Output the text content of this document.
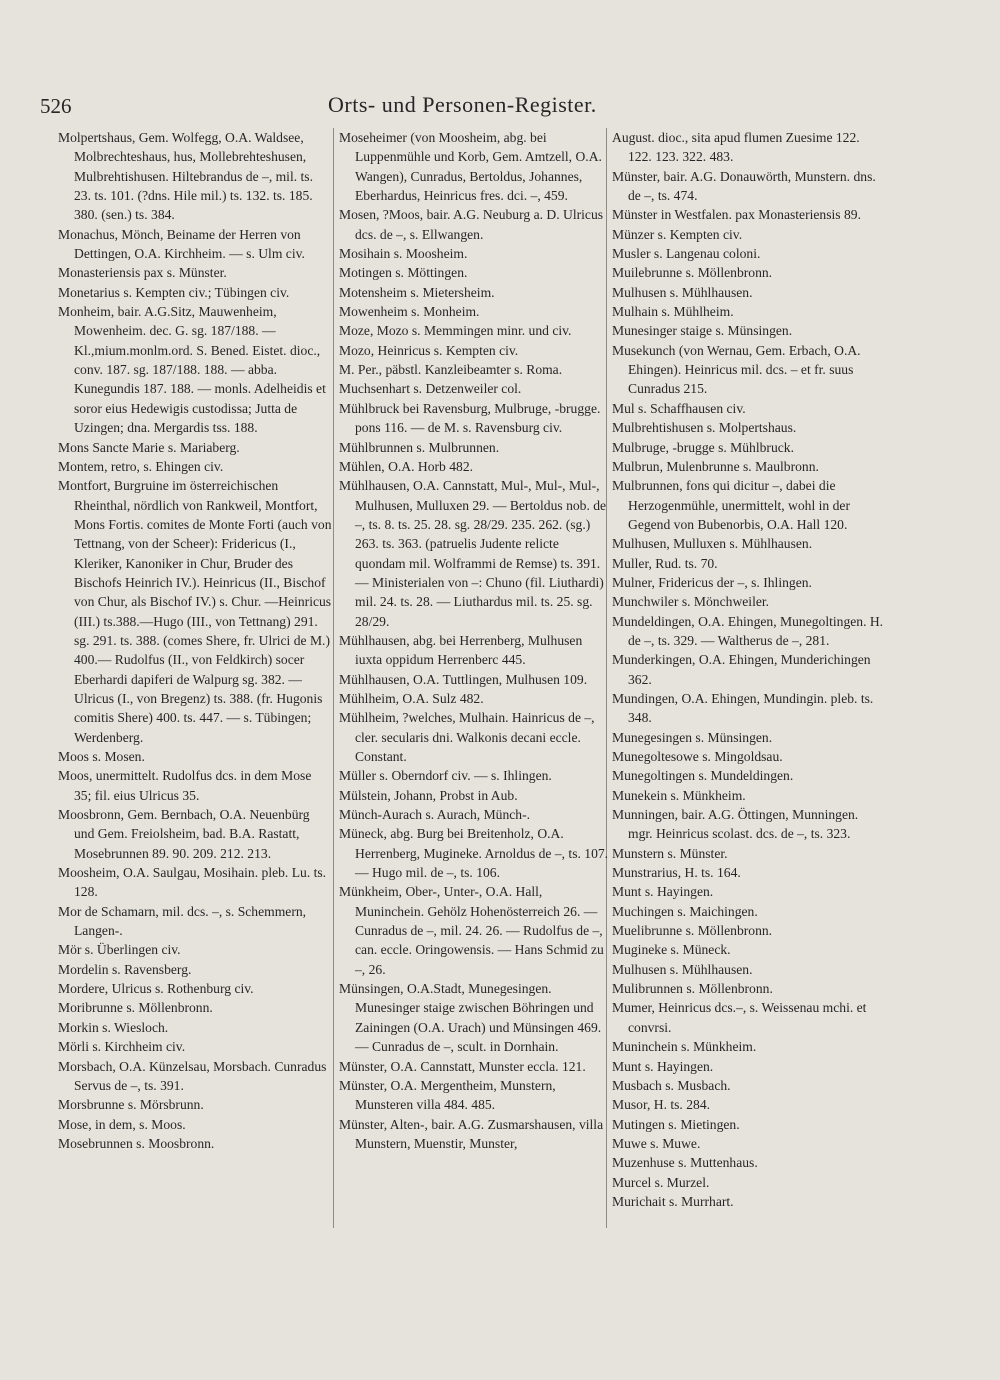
526	Orts- und Personen-Register.
Molpertshaus, Gem. Wolfegg, O.A. Waldsee, Molbrechteshaus, hus, Mollebrehteshusen, Mulbrehtishusen. Hiltebrandus de –, mil. ts. 23. ts. 101. (?dns. Hile mil.) ts. 132. ts. 185. 380. (sen.) ts. 384.
Monachus, Mönch, Beiname der Herren von Dettingen, O.A. Kirchheim. — s. Ulm civ.
Monasteriensis pax s. Münster.
Monetarius s. Kempten civ.; Tübingen civ.
Monheim, bair. A.G.Sitz, Mauwenheim, Mowenheim. dec. G. sg. 187/188. — Kl.,mium.monlm.ord. S. Bened. Eistet. dioc., conv. 187. sg. 187/188. 188. — abba. Kunegundis 187. 188. — monls. Adelheidis et soror eius Hedewigis custodissa; Jutta de Uzingen; dna. Mergardis tss. 188.
Mons Sancte Marie s. Mariaberg.
Montem, retro, s. Ehingen civ.
Montfort, Burgruine im österreichischen Rheinthal, nördlich von Rankweil, Montfort, Mons Fortis. comites de Monte Forti (auch von Tettnang, von der Scheer): Fridericus (I., Kleriker, Kanoniker in Chur, Bruder des Bischofs Heinrich IV.). Heinricus (II., Bischof von Chur, als Bischof IV.) s. Chur. —Heinricus (III.) ts.388.—Hugo (III., von Tettnang) 291. sg. 291. ts. 388. (comes Shere, fr. Ulrici de M.) 400.— Rudolfus (II., von Feldkirch) socer Eberhardi dapiferi de Walpurg sg. 382. — Ulricus (I., von Bregenz) ts. 388. (fr. Hugonis comitis Shere) 400. ts. 447. — s. Tübingen; Werdenberg.
Moos s. Mosen.
Moos, unermittelt. Rudolfus dcs. in dem Mose 35; fil. eius Ulricus 35.
Moosbronn, Gem. Bernbach, O.A. Neuenbürg und Gem. Freiolsheim, bad. B.A. Rastatt, Mosebrunnen 89. 90. 209. 212. 213.
Moosheim, O.A. Saulgau, Mosihain. pleb. Lu. ts. 128.
Mor de Schamarn, mil. dcs. –, s. Schemmern, Langen-.
Mör s. Überlingen civ.
Mordelin s. Ravensberg.
Mordere, Ulricus s. Rothenburg civ.
Moribrunne s. Möllenbronn.
Morkin s. Wiesloch.
Mörli s. Kirchheim civ.
Morsbach, O.A. Künzelsau, Morsbach. Cunradus Servus de –, ts. 391.
Morsbrunne s. Mörsbrunn.
Mose, in dem, s. Moos.
Mosebrunnen s. Moosbronn.
Moseheimer (von Moosheim, abg. bei Luppenmühle und Korb, Gem. Amtzell, O.A. Wangen), Cunradus, Bertoldus, Johannes, Eberhardus, Heinricus fres. dci. –, 459.
Mosen, ?Moos, bair. A.G. Neuburg a. D. Ulricus dcs. de –, s. Ellwangen.
Mosihain s. Moosheim.
Motingen s. Möttingen.
Motensheim s. Mietersheim.
Mowenheim s. Monheim.
Moze, Mozo s. Memmingen minr. und civ.
Mozo, Heinricus s. Kempten civ.
M. Per., päbstl. Kanzleibeamter s. Roma.
Muchsenhart s. Detzenweiler col.
Mühlbruck bei Ravensburg, Mulbruge, -brugge. pons 116. — de M. s. Ravensburg civ.
Mühlbrunnen s. Mulbrunnen.
Mühlen, O.A. Horb 482.
Mühlhausen, O.A. Cannstatt, Mul-, Mul-, Mul-, Mulhusen, Mulluxen 29. — Bertoldus nob. de –, ts. 8. ts. 25. 28. sg. 28/29. 235. 262. (sg.) 263. ts. 363. (patruelis Judente relicte quondam mil. Wolframmi de Remse) ts. 391. — Ministerialen von –: Chuno (fil. Liuthardi) mil. 24. ts. 28. — Liuthardus mil. ts. 25. sg. 28/29.
Mühlhausen, abg. bei Herrenberg, Mulhusen iuxta oppidum Herrenberc 445.
Mühlhausen, O.A. Tuttlingen, Mulhusen 109.
Mühlheim, O.A. Sulz 482.
Mühlheim, ?welches, Mulhain. Hainricus de –, cler. secularis dni. Walkonis decani eccle. Constant.
Müller s. Oberndorf civ. — s. Ihlingen.
Mülstein, Johann, Probst in Aub.
Münch-Aurach s. Aurach, Münch-.
Müneck, abg. Burg bei Breitenholz, O.A. Herrenberg, Mugineke. Arnoldus de –, ts. 107. — Hugo mil. de –, ts. 106.
Münkheim, Ober-, Unter-, O.A. Hall, Muninchein. Gehölz Hohenösterreich 26. — Cunradus de –, mil. 24. 26. — Rudolfus de –, can. eccle. Oringowensis. — Hans Schmid zu –, 26.
Münsingen, O.A.Stadt, Munegesingen. Munesinger staige zwischen Böhringen und Zainingen (O.A. Urach) und Münsingen 469. — Cunradus de –, scult. in Dornhain.
Münster, O.A. Cannstatt, Munster eccla. 121.
Münster, O.A. Mergentheim, Munstern, Munsteren villa 484. 485.
Münster, Alten-, bair. A.G. Zusmarshausen, villa Munstern, Muenstir, Munster,
August. dioc., sita apud flumen Zuesime 122. 122. 123. 322. 483.
Münster, bair. A.G. Donauwörth, Munstern. dns. de –, ts. 474.
Münster in Westfalen. pax Monasteriensis 89.
Münzer s. Kempten civ.
Musler s. Langenau coloni.
Muilebrunne s. Möllenbronn.
Mulhusen s. Mühlhausen.
Mulhain s. Mühlheim.
Munesinger staige s. Münsingen.
Musekunch (von Wernau, Gem. Erbach, O.A. Ehingen). Heinricus mil. dcs. – et fr. suus Cunradus 215.
Mul s. Schaffhausen civ.
Mulbrehtishusen s. Molpertshaus.
Mulbruge, -brugge s. Mühlbruck.
Mulbrun, Mulenbrunne s. Maulbronn.
Mulbrunnen, fons qui dicitur –, dabei die Herzogenmühle, unermittelt, wohl in der Gegend von Bubenorbis, O.A. Hall 120.
Mulhusen, Mulluxen s. Mühlhausen.
Muller, Rud. ts. 70.
Mulner, Fridericus der –, s. Ihlingen.
Munchwiler s. Mönchweiler.
Mundeldingen, O.A. Ehingen, Munegoltingen. H. de –, ts. 329. — Waltherus de –, 281.
Munderkingen, O.A. Ehingen, Munderichingen 362.
Mundingen, O.A. Ehingen, Mundingin. pleb. ts. 348.
Munegesingen s. Münsingen.
Munegoltesowe s. Mingoldsau.
Munegoltingen s. Mundeldingen.
Munekein s. Münkheim.
Munningen, bair. A.G. Öttingen, Munningen. mgr. Heinricus scolast. dcs. de –, ts. 323.
Munstern s. Münster.
Munstrarius, H. ts. 164.
Munt s. Hayingen.
Muchingen s. Maichingen.
Muelibrunne s. Möllenbronn.
Mugineke s. Müneck.
Mulhusen s. Mühlhausen.
Mulibrunnen s. Möllenbronn.
Mumer, Heinricus dcs.–, s. Weissenau mchi. et convrsi.
Muninchein s. Münkheim.
Munt s. Hayingen.
Musbach s. Musbach.
Musor, H. ts. 284.
Mutingen s. Mietingen.
Muwe s. Muwe.
Muzenhuse s. Muttenhaus.
Murcel s. Murzel.
Murichait s. Murrhart.
